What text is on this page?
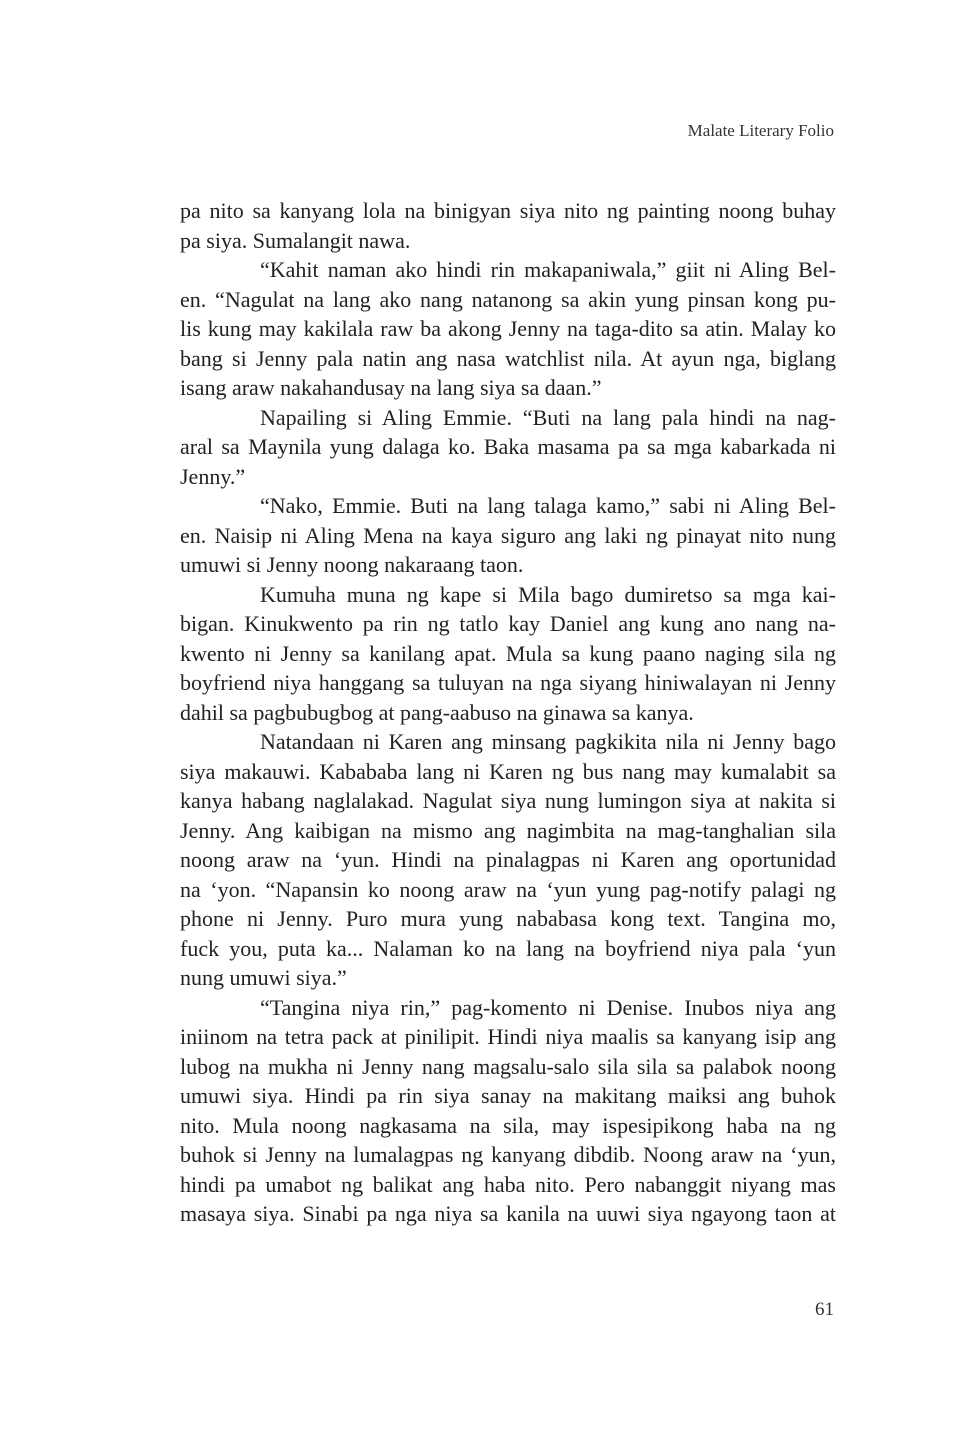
Malate Literary Folio
pa nito sa kanyang lola na binigyan siya nito ng painting noong buhay
pa siya. Sumalangit nawa.
“Kahit naman ako hindi rin makapaniwala,” giit ni Aling Bel-
en. “Nagulat na lang ako nang natanong sa akin yung pinsan kong pu-
lis kung may kakilala raw ba akong Jenny na taga-dito sa atin. Malay ko
bang si Jenny pala natin ang nasa watchlist nila. At ayun nga, biglang
isang araw nakahandusay na lang siya sa daan.”
Napailing si Aling Emmie. “Buti na lang pala hindi na nag-
aral sa Maynila yung dalaga ko. Baka masama pa sa mga kabarkada ni
Jenny.”
“Nako, Emmie. Buti na lang talaga kamo,” sabi ni Aling Bel-
en. Naisip ni Aling Mena na kaya siguro ang laki ng pinayat nito nung
umuwi si Jenny noong nakaraang taon.
Kumuha muna ng kape si Mila bago dumiretso sa mga kai-
bigan. Kinukwento pa rin ng tatlo kay Daniel ang kung ano nang na-
kwento ni Jenny sa kanilang apat. Mula sa kung paano naging sila ng
boyfriend niya hanggang sa tuluyan na nga siyang hiniwalayan ni Jenny
dahil sa pagbubugbog at pang-aabuso na ginawa sa kanya.
Natandaan ni Karen ang minsang pagkikita nila ni Jenny bago
siya makauwi. Kabababa lang ni Karen ng bus nang may kumalabit sa
kanya habang naglalakad. Nagulat siya nung lumingon siya at nakita si
Jenny. Ang kaibigan na mismo ang nagimbita na mag-tanghalian sila
noong araw na ‘yun. Hindi na pinalagpas ni Karen ang oportunidad
na ‘yon. “Napansin ko noong araw na ‘yun yung pag-notify palagi ng
phone ni Jenny. Puro mura yung nababasa kong text. Tangina mo,
fuck you, puta ka... Nalaman ko na lang na boyfriend niya pala ‘yun
nung umuwi siya.”
“Tangina niya rin,” pag-komento ni Denise. Inubos niya ang
iniinom na tetra pack at pinilipit. Hindi niya maalis sa kanyang isip ang
lubog na mukha ni Jenny nang magsalu-salo sila sila sa palabok noong
umuwi siya. Hindi pa rin siya sanay na makitang maiksi ang buhok
nito. Mula noong nagkasama na sila, may ispesipikong haba na ng
buhok si Jenny na lumalagpas ng kanyang dibdib. Noong araw na ‘yun,
hindi pa umabot ng balikat ang haba nito. Pero nabanggit niyang mas
masaya siya. Sinabi pa nga niya sa kanila na uuwi siya ngayong taon at
61
